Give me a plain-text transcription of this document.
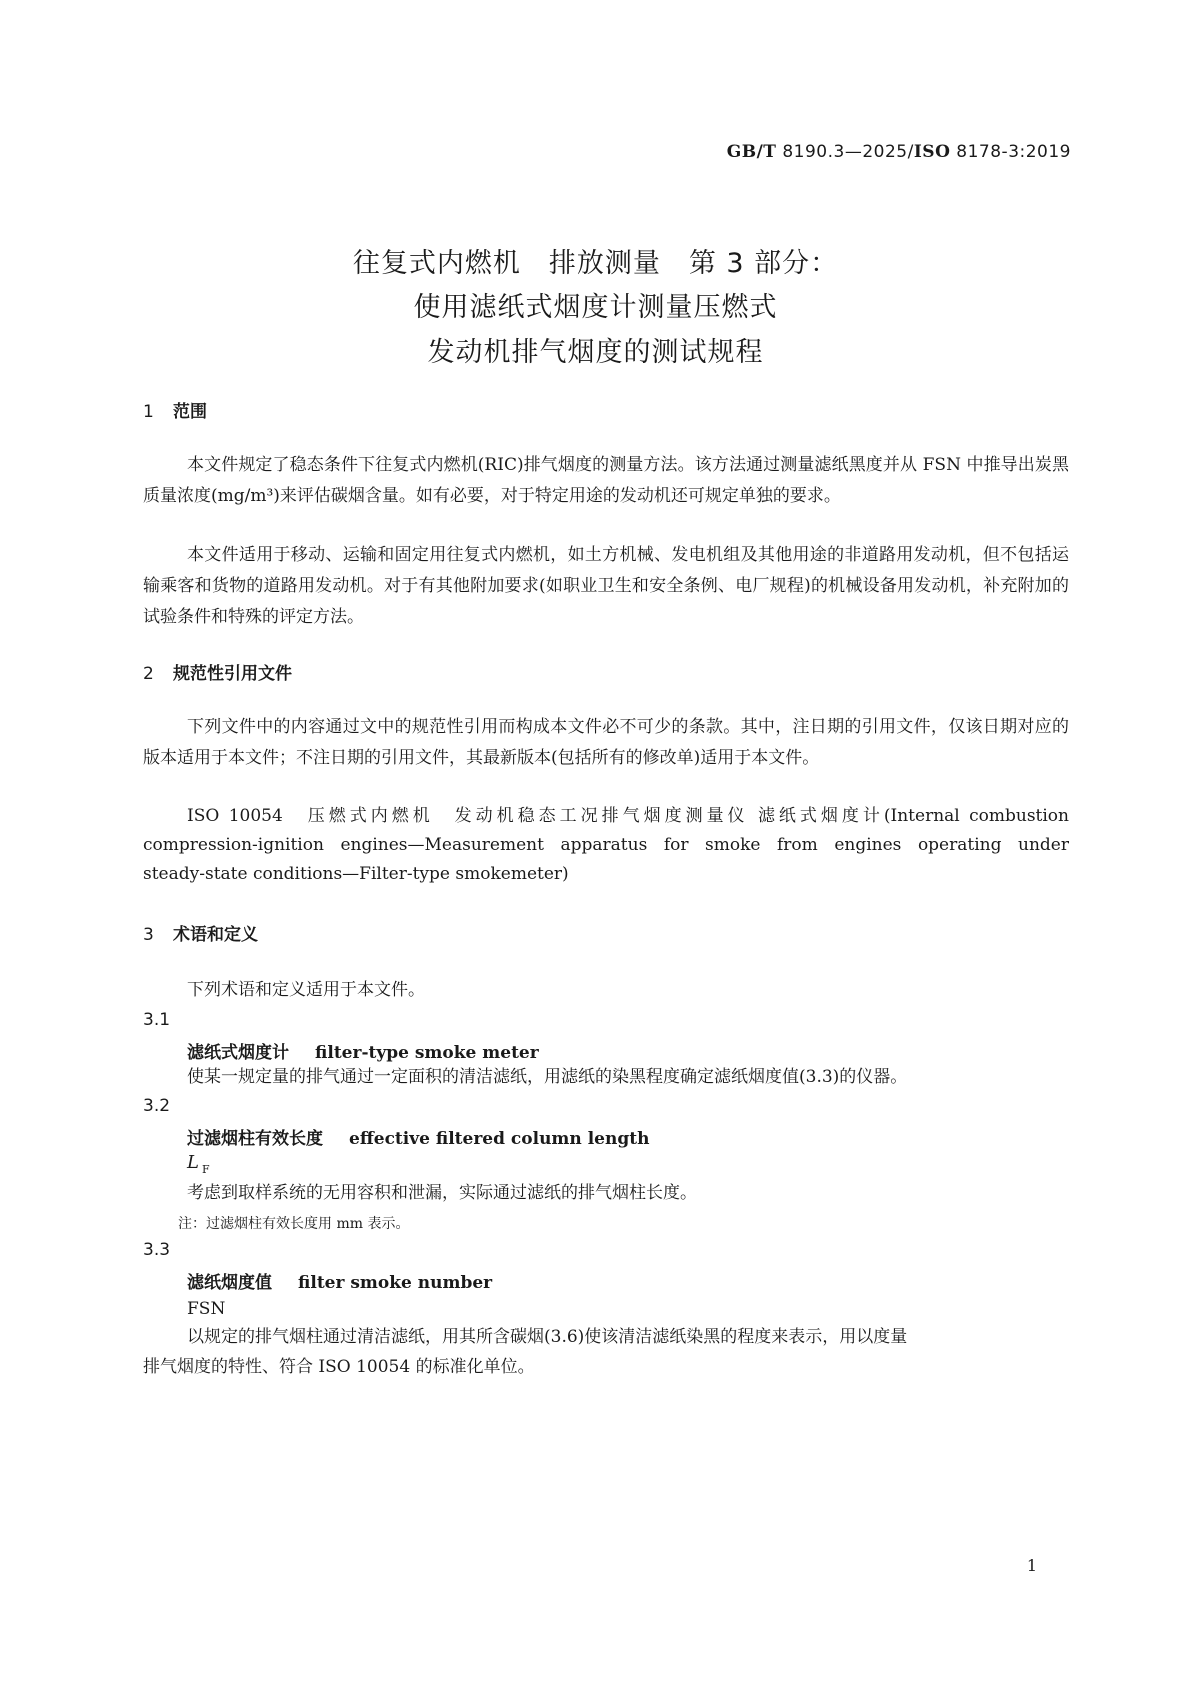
GB/T 8190.3—2025/ISO 8178-3:2019
往复式内燃机　排放测量　第 3 部分：
使用滤纸式烟度计测量压燃式
发动机排气烟度的测试规程
1 范围

本文件规定了稳态条件下往复式内燃机(RIC)排气烟度的测量方法。该方法通过测量滤纸黑度并从 FSN 中推导出炭黑质量浓度(mg/m³)来评估碳烟含量。如有必要，对于特定用途的发动机还可规定单独的要求。

本文件适用于移动、运输和固定用往复式内燃机，如土方机械、发电机组及其他用途的非道路用发动机，但不包括运输乘客和货物的道路用发动机。对于有其他附加要求(如职业卫生和安全条例、电厂规程)的机械设备用发动机，补充附加的试验条件和特殊的评定方法。

2 规范性引用文件

下列文件中的内容通过文中的规范性引用而构成本文件必不可少的条款。其中，注日期的引用文件，仅该日期对应的版本适用于本文件；不注日期的引用文件，其最新版本(包括所有的修改单)适用于本文件。

ISO 10054　压燃式内燃机　发动机稳态工况排气烟度测量仪 滤纸式烟度计(Internal combustion

compression-ignition engines—Measurement apparatus for smoke from engines operating under

steady-state conditions—Filter-type smokemeter)

3 术语和定义
下列术语和定义适用于本文件。
3.1
滤纸式烟度计 filter-type smoke meter
使某一规定量的排气通过一定面积的清洁滤纸，用滤纸的染黑程度确定滤纸烟度值(3.3)的仪器。
3.2
过滤烟柱有效长度 effective filtered column length
L $_F$
考虑到取样系统的无用容积和泄漏，实际通过滤纸的排气烟柱长度。
注：过滤烟柱有效长度用 mm 表示。
3.3
滤纸烟度值 filter smoke number
FSN
以规定的排气烟柱通过清洁滤纸，用其所含碳烟(3.6)使该清洁滤纸染黑的程度来表示，用以度量
排气烟度的特性、符合 ISO 10054 的标准化单位。
1
